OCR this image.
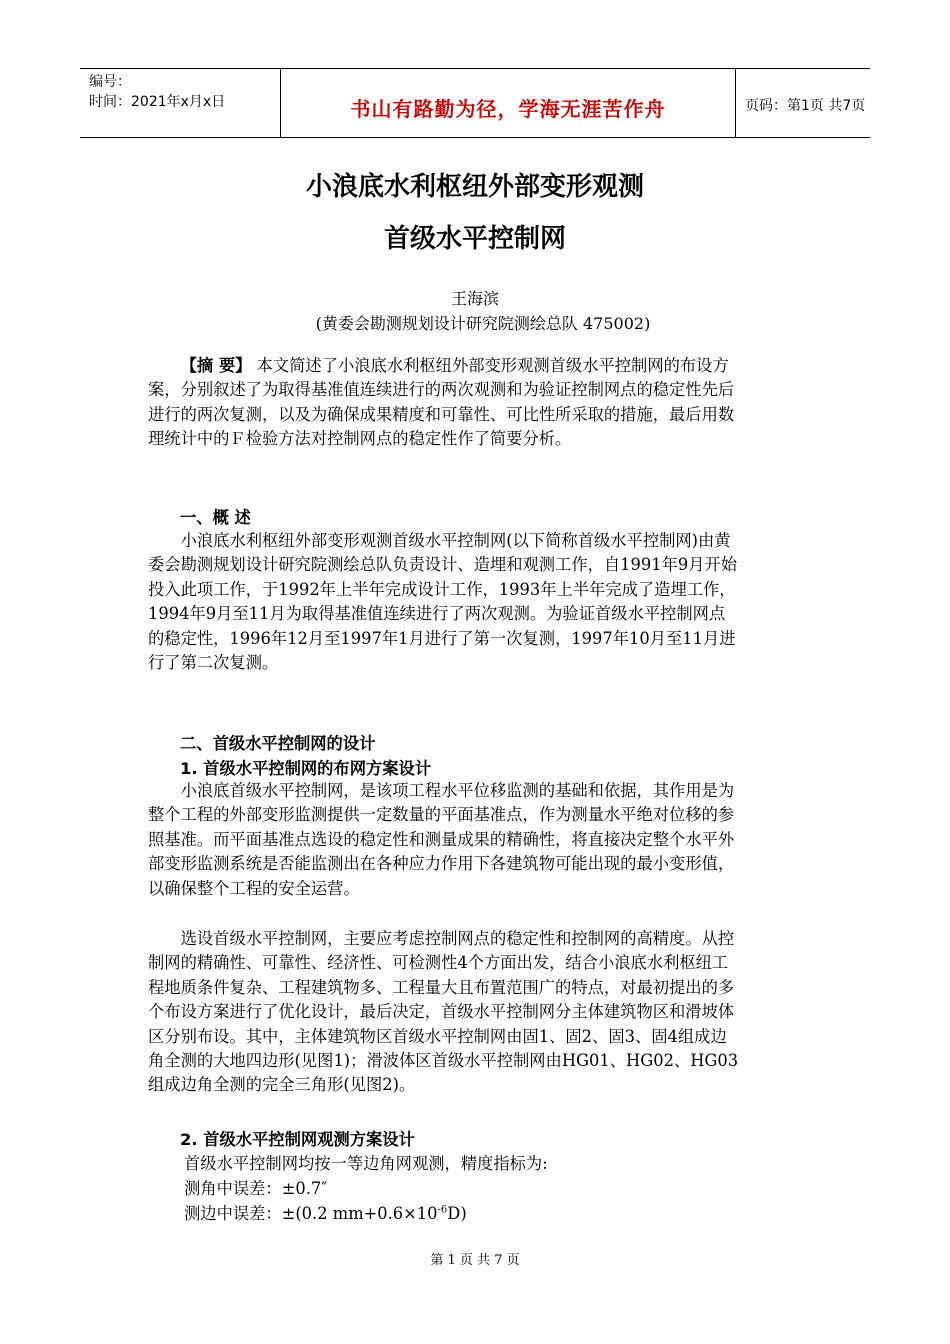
编号：
时间：2021年x月x日	书山有路勤为径，学海无涯苦作舟	页码：第1页 共7页
小浪底水利枢纽外部变形观测
首级水平控制网
王海滨
(黄委会勘测规划设计研究院测绘总队 475002)
【摘 要】 本文简述了小浪底水利枢纽外部变形观测首级水平控制网的布设方案，分别叙述了为取得基准值连续进行的两次观测和为验证控制网点的稳定性先后进行的两次复测，以及为确保成果精度和可靠性、可比性所采取的措施，最后用数理统计中的Ｆ检验方法对控制网点的稳定性作了简要分析。
一、概 述
小浪底水利枢纽外部变形观测首级水平控制网(以下简称首级水平控制网)由黄委会勘测规划设计研究院测绘总队负责设计、造埋和观测工作，自1991年9月开始投入此项工作，于1992年上半年完成设计工作，1993年上半年完成了造埋工作，1994年9月至11月为取得基准值连续进行了两次观测。为验证首级水平控制网点的稳定性，1996年12月至1997年1月进行了第一次复测，1997年10月至11月进行了第二次复测。
二、首级水平控制网的设计
1. 首级水平控制网的布网方案设计
小浪底首级水平控制网，是该项工程水平位移监测的基础和依据，其作用是为整个工程的外部变形监测提供一定数量的平面基准点，作为测量水平绝对位移的参照基准。而平面基准点选设的稳定性和测量成果的精确性，将直接决定整个水平外部变形监测系统是否能监测出在各种应力作用下各建筑物可能出现的最小变形值，以确保整个工程的安全运营。
选设首级水平控制网，主要应考虑控制网点的稳定性和控制网的高精度。从控制网的精确性、可靠性、经济性、可检测性4个方面出发，结合小浪底水利枢纽工程地质条件复杂、工程建筑物多、工程量大且布置范围广的特点，对最初提出的多个布设方案进行了优化设计，最后决定，首级水平控制网分主体建筑物区和滑坡体区分别布设。其中，主体建筑物区首级水平控制网由固1、固2、固3、固4组成边角全测的大地四边形(见图1)；滑波体区首级水平控制网由HG01、HG02、HG03组成边角全测的完全三角形(见图2)。
2. 首级水平控制网观测方案设计
首级水平控制网均按一等边角网观测，精度指标为:
测角中误差：±0.7″
测边中误差：±(0.2 $mm+0.6\times 10^{-6}D$)
第 1 页 共 7 页
